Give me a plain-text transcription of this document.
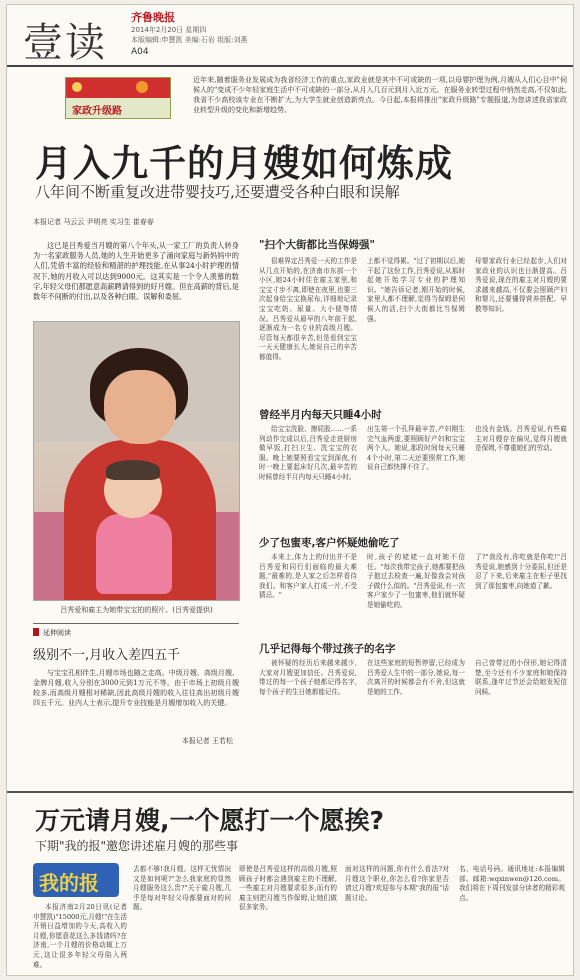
壹读
齐鲁晚报
2014年2月20日 星期四
本版编辑:申慧凯 美编:石岩 组版:刘燕
A04
家政升级路
近年来,随着服务业发展成为我省经济工作的重点,家政业就是其中不可或缺的一项,以母婴护理为例,月嫂从人们心目中"伺候人的"变成不少年轻家庭生活中不可或缺的一部分,从月入几百元到月入近万元。在服务业转型过程中悄然走高,不仅如此,我省不少高校该专业在不断扩大,为大学生就业创造新亮点。今日起,本报将推出"家政升级路"专题报道,为您讲述我省家政业转型升级的变化和新增趋势。
月入九千的月嫂如何炼成
八年间不断重复改进带婴技巧,还要遭受各种白眼和误解
本报记者 马云云 尹明亮 实习生 崔春春
这已是吕秀爱当月嫂的第八个年头,从一家工厂的负责人转身为一名家政服务人员,她的人生开始更多了涌向家庭与新妈妈中的人们,凭借丰富的经验和精湛的护理技能,在从事24小时护理的情况下,她的月收入可以达到9000元。这其实是一个令人羡慕的数字,年轻父母们都愿意高薪聘请得到的好月嫂。但在高薪的背后,是数年不间断的付出,以及各种白眼、误解和委屈。
吕秀爱和雇主为她带宝宝拍的照片。(吕秀爱提供)
延伸阅读
级别不一,月收入差四五千
与宝宝孔相伴生,月嫂市场也随之走高。中级月嫂、高级月嫂、金牌月嫂,收入分别在3000元到1万元不等。由于市场上初级月嫂较多,而高级月嫂相对稀缺,因此高级月嫂的收入往往高出初级月嫂四五千元。业内人士表示,提升专业技能是月嫂增加收入的关键。
本报记者 王若松
"扫个大街都比当保姆强"
很难界定吕秀爱一天的工作是从几点开始的,在济南市东部一个小区,她24小时住在雇主家里,和宝宝寸步不离,即使在夜里,也要三次起身给宝宝换尿布,详细地记录宝宝吃奶、尿量、大小便等情况。吕秀爱从最早的八年前干起,逐渐成为一名专业的高级月嫂。尽管每天都很辛苦,但是看到宝宝一天天健康长大,她说自己的辛苦都值得。
上都不觉得累。"过了初期以后,她干起了这份工作,吕秀爱说,从那时起她开始学习专业的护理知识。"她告诉记者,刚开始的时候,家里人都不理解,觉得当保姆是伺候人的活,扫个大街都比当保姆强。
母婴家政行业已经起步,人们对家政业的认识也日渐提高。吕秀爱说,现在的雇主对月嫂的要求越来越高,不仅要会照顾产妇和婴儿,还要懂得营养搭配、早教等知识。
曾经半月内每天只睡4小时
给宝宝洗脸、擦屁股……一系列动作完成以后,吕秀爱走进厨房做早饭,打扫卫生、洗宝宝的衣服。晚上她要照看宝宝到深夜,有时一晚上要起床好几次,最辛苦的时候曾经半月内每天只睡4小时。
出生第一个孔拜最辛苦,产妇刚生完气血两虚,要照顾好产妇和宝宝两个人。她说,那段时间每天只睡4个小时,第二天还要照常工作,她说自己都快撑不住了。
也没有金钱。吕秀爱说,有些雇主对月嫂存在偏见,觉得月嫂就是保姆,不尊重她们的劳动。
少了包蜜枣,客户怀疑她偷吃了
本来上,体力上的付出并不是吕秀爱和同行们面临的最大难题,"最难的,是人家之后怎样看待我们。和客户家人打成一片,不受猜忌。"
时,孩子的姥姥一直对她不信任。"每次我带完孩子,她都要把孩子抱过去检查一遍,好像我会对孩子做什么似的。"吕秀爱说,有一次客户家少了一包蜜枣,他们就怀疑是她偷吃的。
了?"我没有,你吃就是你吃!"吕秀爱说,她感到十分委屈,但还是忍了下来,后来雇主在柜子里找到了那包蜜枣,向她道了歉。
几乎记得每个带过孩子的名字
被怀疑的经历后来越来越少,大家对月嫂更加信任。吕秀爱说,带过的每一个孩子她都记得名字,每个孩子的生日她都能记住。
在这些家庭的短暂停留,已经成为吕秀爱人生中的一部分,她说,每一次离开的时候都会有不舍,但这就是她的工作。
自己曾带过的小伢形,她记得清楚,至今还有不少家庭和她保持联系,逢年过节还会给她发短信问候。
万元请月嫂,一个愿打一个愿挨?
下期"我的报"邀您讲述雇月嫂的那些事
我的报
本报济南2月20日讯(记者 申慧凯)"15000元,月嫂!"在生活开销日益增加的今天,高收入的月嫂,你愿意花这么多钱请吗?在济南,一个月嫂的价格动辄上万元,这让很多年轻父母陷入两难。
去都不够!我月嫂。这样无忧情况又是如何呢?"怎么我家庭的显然月嫂服务这么贵?"关于雇月嫂,几乎是每对年轻父母都要面对的问题。
即使是吕秀爱这样的高级月嫂,照顾孩子时都会遇到雇主的不理解,一些雇主对月嫂要求很多,而有的雇主则把月嫂当作保姆,让她们做很多家务。
面对这样的问题,你有什么看法?对月嫂这个职业,你怎么看?你家是否请过月嫂?欢迎参与本期"我的报"话题讨论。
名、电话号码。通讯地址:本报编辑部。邮箱:wqxinwen@126.com。我们将在下周刊发部分读者的精彩观点。
